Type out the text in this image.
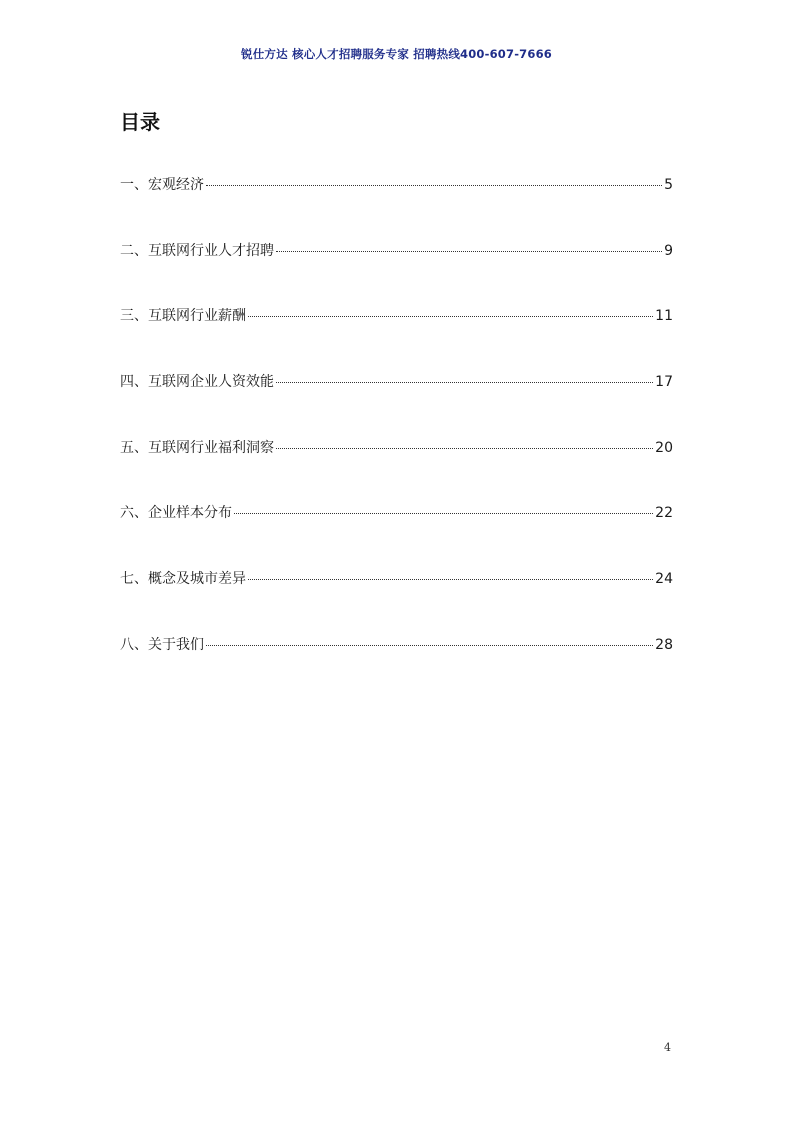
锐仕方达 核心人才招聘服务专家 招聘热线400-607-7666
目录
一、宏观经济	5
二、互联网行业人才招聘	9
三、互联网行业薪酬	11
四、互联网企业人资效能	17
五、互联网行业福利洞察	20
六、企业样本分布	22
七、概念及城市差异	24
八、关于我们	28
4
